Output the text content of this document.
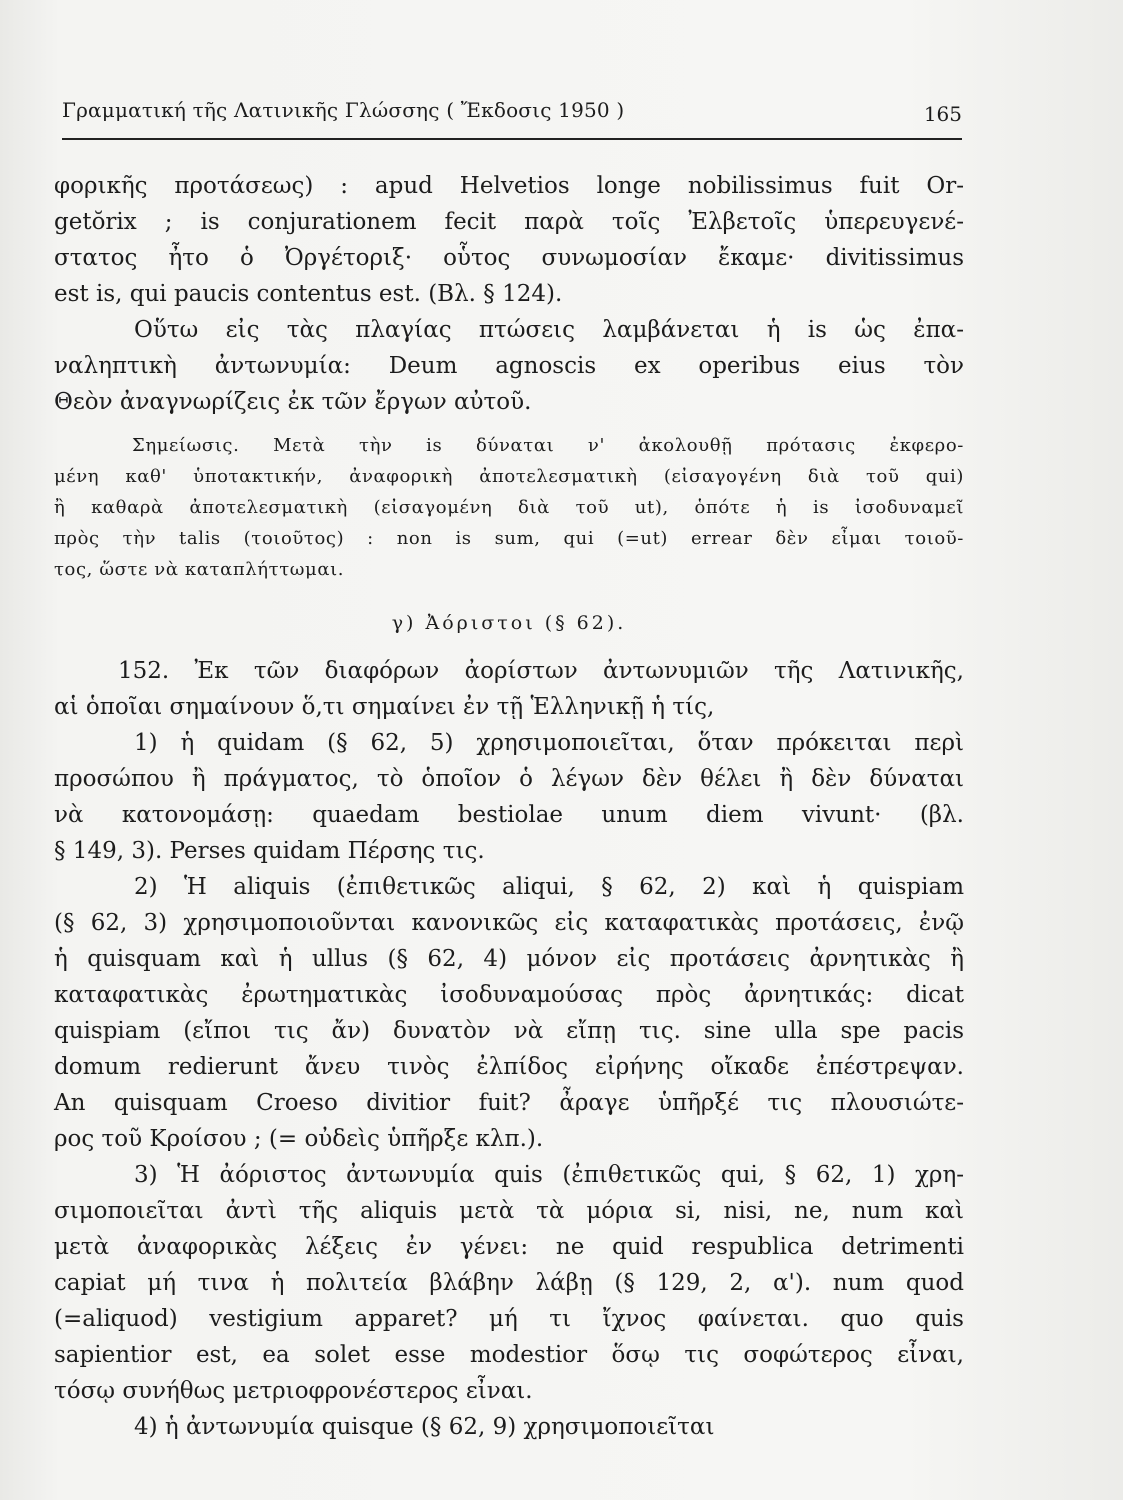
Γραμματική τῆς Λατινικῆς Γλώσσης ( Ἔκδοσις 1950 )	165
φορικῆς προτάσεως) : apud Helvetios longe nobilissimus fuit Or-
getŏrix ; is conjurationem fecit παρὰ τοῖς Ἐλβετοῖς ὑπερευγενέ-
στατος ἦτο ὁ Ὀργέτοριξ· οὗτος συνωμοσίαν ἔκαμε· divitissimus
est is, qui paucis contentus est. (Βλ. § 124).
Οὕτω εἰς τὰς πλαγίας πτώσεις λαμβάνεται ἡ is ὡς ἐπα-
ναληπτικὴ ἀντωνυμία: Deum agnoscis ex operibus eius τὸν
Θεὸν ἀναγνωρίζεις ἐκ τῶν ἔργων αὐτοῦ.
Σημείωσις. Μετὰ τὴν is δύναται ν' ἀκολουθῇ πρότασις ἐκφερο-
μένη καθ' ὑποτακτικήν, ἀναφορικὴ ἀποτελεσματικὴ (εἰσαγογένη διὰ τοῦ qui)
ἢ καθαρὰ ἀποτελεσματικὴ (εἰσαγομένη διὰ τοῦ ut), ὁπότε ἡ is ἰσοδυναμεῖ
πρὸς τὴν talis (τοιοῦτος) : non is sum, qui (=ut) errear δὲν εἶμαι τοιοῦ-
τος, ὥστε νὰ καταπλήττωμαι.
γ) Ἀόριστοι (§ 62).
152. Ἐκ τῶν διαφόρων ἀορίστων ἀντωνυμιῶν τῆς Λατινικῆς,
αἱ ὁποῖαι σημαίνουν ὅ,τι σημαίνει ἐν τῇ Ἑλληνικῇ ἡ τίς,
1) ἡ quidam (§ 62, 5) χρησιμοποιεῖται, ὅταν πρόκειται περὶ
προσώπου ἢ πράγματος, τὸ ὁποῖον ὁ λέγων δὲν θέλει ἢ δὲν δύναται
νὰ κατονομάσῃ: quaedam bestiolae unum diem vivunt· (βλ.
§ 149, 3). Perses quidam Πέρσης τις.
2) Ἡ aliquis (ἐπιθετικῶς aliqui, § 62, 2) καὶ ἡ quispiam
(§ 62, 3) χρησιμοποιοῦνται κανονικῶς εἰς καταφατικὰς προτάσεις, ἐνῷ
ἡ quisquam καὶ ἡ ullus (§ 62, 4) μόνον εἰς προτάσεις ἀρνητικὰς ἢ
καταφατικὰς ἐρωτηματικὰς ἰσοδυναμούσας πρὸς ἀρνητικάς: dicat
quispiam (εἴποι τις ἄν) δυνατὸν νὰ εἴπῃ τις. sine ulla spe pacis
domum redierunt ἄνευ τινὸς ἐλπίδος εἰρήνης οἴκαδε ἐπέστρεψαν.
An quisquam Croeso divitior fuit? ἆραγε ὑπῆρξέ τις πλουσιώτε-
ρος τοῦ Κροίσου ; (= οὐδεὶς ὑπῆρξε κλπ.).
3) Ἡ ἀόριστος ἀντωνυμία quis (ἐπιθετικῶς qui, § 62, 1) χρη-
σιμοποιεῖται ἀντὶ τῆς aliquis μετὰ τὰ μόρια si, nisi, ne, num καὶ
μετὰ ἀναφορικὰς λέξεις ἐν γένει: ne quid respublica detrimenti
capiat μή τινα ἡ πολιτεία βλάβην λάβῃ (§ 129, 2, α'). num quod
(=aliquod) vestigium apparet? μή τι ἴχνος φαίνεται. quo quis
sapientior est, ea solet esse modestior ὅσῳ τις σοφώτερος εἶναι,
τόσῳ συνήθως μετριοφρονέστερος εἶναι.
4) ἡ ἀντωνυμία quisque (§ 62, 9) χρησιμοποιεῖται
